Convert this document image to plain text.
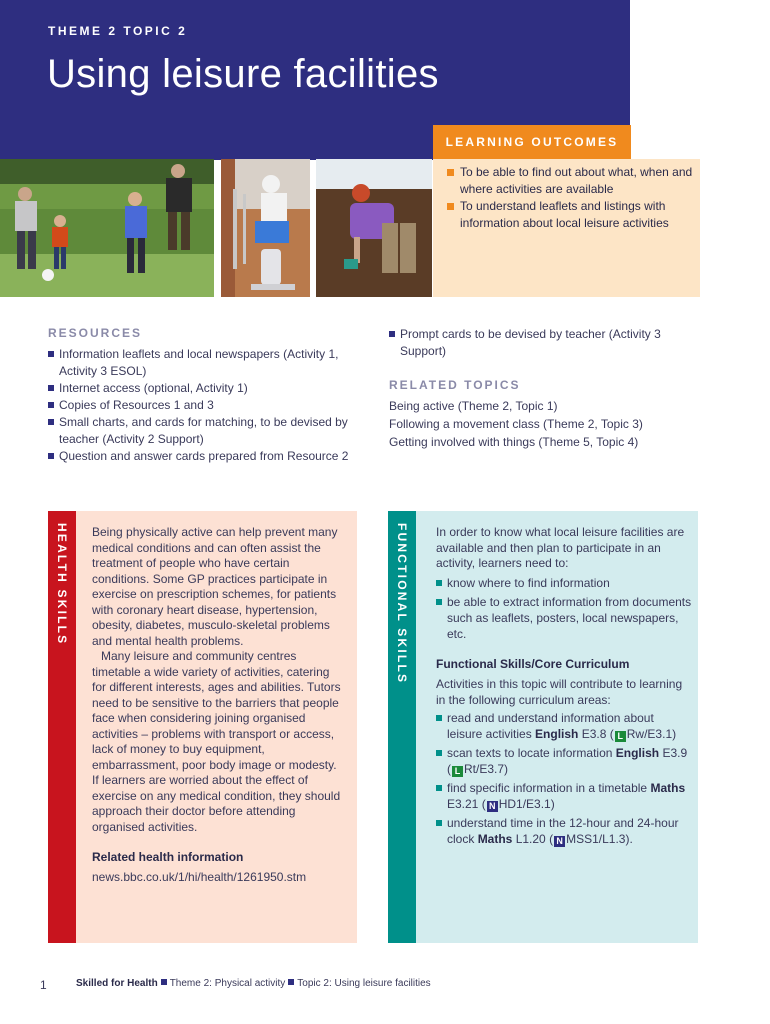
THEME 2 TOPIC 2
Using leisure facilities
LEARNING OUTCOMES
To be able to find out about what, when and where activities are available
To understand leaflets and listings with information about local leisure activities
RESOURCES
Information leaflets and local newspapers (Activity 1, Activity 3 ESOL)
Internet access (optional, Activity 1)
Copies of Resources 1 and 3
Small charts, and cards for matching, to be devised by teacher (Activity 2 Support)
Question and answer cards prepared from Resource 2
Prompt cards to be devised by teacher (Activity 3 Support)
RELATED TOPICS
Being active (Theme 2, Topic 1)
Following a movement class (Theme 2, Topic 3)
Getting involved with things (Theme 5, Topic 4)
HEALTH SKILLS Being physically active can help prevent many medical conditions and can often assist the treatment of people who have certain conditions. Some GP practices participate in exercise on prescription schemes, for patients with coronary heart disease, hypertension, obesity, diabetes, musculo-skeletal problems and mental health problems.

Many leisure and community centres timetable a wide variety of activities, catering for different interests, ages and abilities. Tutors need to be sensitive to the barriers that people face when considering joining organised activities – problems with transport or access, lack of money to buy equipment, embarrassment, poor body image or modesty. If learners are worried about the effect of exercise on any medical condition, they should approach their doctor before attending organised activities.

Related health information
news.bbc.co.uk/1/hi/health/1261950.stm
FUNCTIONAL SKILLS In order to know what local leisure facilities are available and then plan to participate in an activity, learners need to:

know where to find information
be able to extract information from documents such as leaflets, posters, local newspapers, etc.
Functional Skills/Core Curriculum

Activities in this topic will contribute to learning in the following curriculum areas:

read and understand information about leisure activities English E3.8 ( L Rw/E3.1)
scan texts to locate information English E3.9 ( L Rt/E3.7)
find specific information in a timetable Maths E3.21 ( N HD1/E3.1)
understand time in the 12-hour and 24-hour clock Maths L1.20 ( N MSS1/L1.3).
1	Skilled for Health Theme 2: Physical activity Topic 2: Using leisure facilities
